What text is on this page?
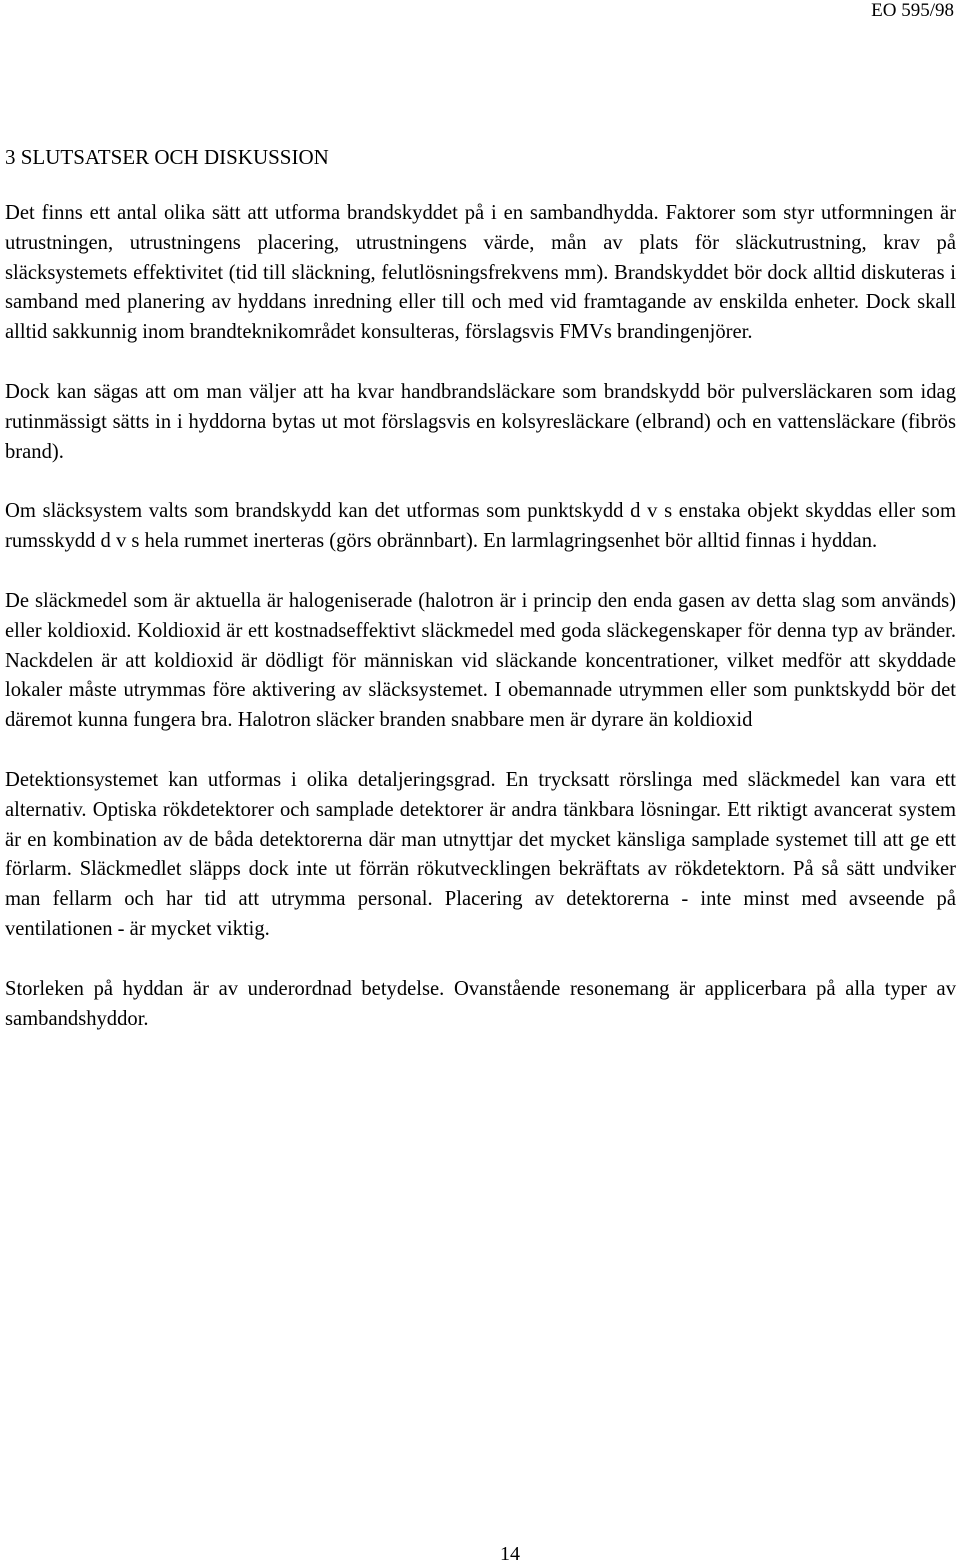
EO 595/98
3 SLUTSATSER OCH DISKUSSION

Det finns ett antal olika sätt att utforma brandskyddet på i en sambandhydda. Faktorer som styr utformningen är utrustningen, utrustningens placering, utrustningens värde, mån av plats för släckutrustning, krav på släcksystemets effektivitet (tid till släckning, felutlösningsfrekvens mm). Brandskyddet bör dock alltid diskuteras i samband med planering av hyddans inredning eller till och med vid framtagande av enskilda enheter. Dock skall alltid sakkunnig inom brandteknikområdet konsulteras, förslagsvis FMVs brandingenjörer.

Dock kan sägas att om man väljer att ha kvar handbrandsläckare som brandskydd bör pulversläckaren som idag rutinmässigt sätts in i hyddorna bytas ut mot förslagsvis en kolsyresläckare (elbrand) och en vattensläckare (fibrös brand).

Om släcksystem valts som brandskydd kan det utformas som punktskydd d v s enstaka objekt skyddas eller som rumsskydd d v s hela rummet inerteras (görs obrännbart). En larmlagringsenhet bör alltid finnas i hyddan.

De släckmedel som är aktuella är halogeniserade (halotron är i princip den enda gasen av detta slag som används) eller koldioxid. Koldioxid är ett kostnadseffektivt släckmedel med goda släckegenskaper för denna typ av bränder. Nackdelen är att koldioxid är dödligt för människan vid släckande koncentrationer, vilket medför att skyddade lokaler måste utrymmas före aktivering av släcksystemet. I obemannade utrymmen eller som punktskydd bör det däremot kunna fungera bra. Halotron släcker branden snabbare men är dyrare än koldioxid

Detektionsystemet kan utformas i olika detaljeringsgrad. En trycksatt rörslinga med släckmedel kan vara ett alternativ. Optiska rökdetektorer och samplade detektorer är andra tänkbara lösningar. Ett riktigt avancerat system är en kombination av de båda detektorerna där man utnyttjar det mycket känsliga samplade systemet till att ge ett förlarm. Släckmedlet släpps dock inte ut förrän rökutvecklingen bekräftats av rökdetektorn. På så sätt undviker man fellarm och har tid att utrymma personal. Placering av detektorerna - inte minst med avseende på ventilationen - är mycket viktig.

Storleken på hyddan är av underordnad betydelse. Ovanstående resonemang är applicerbara på alla typer av sambandshyddor.

14
